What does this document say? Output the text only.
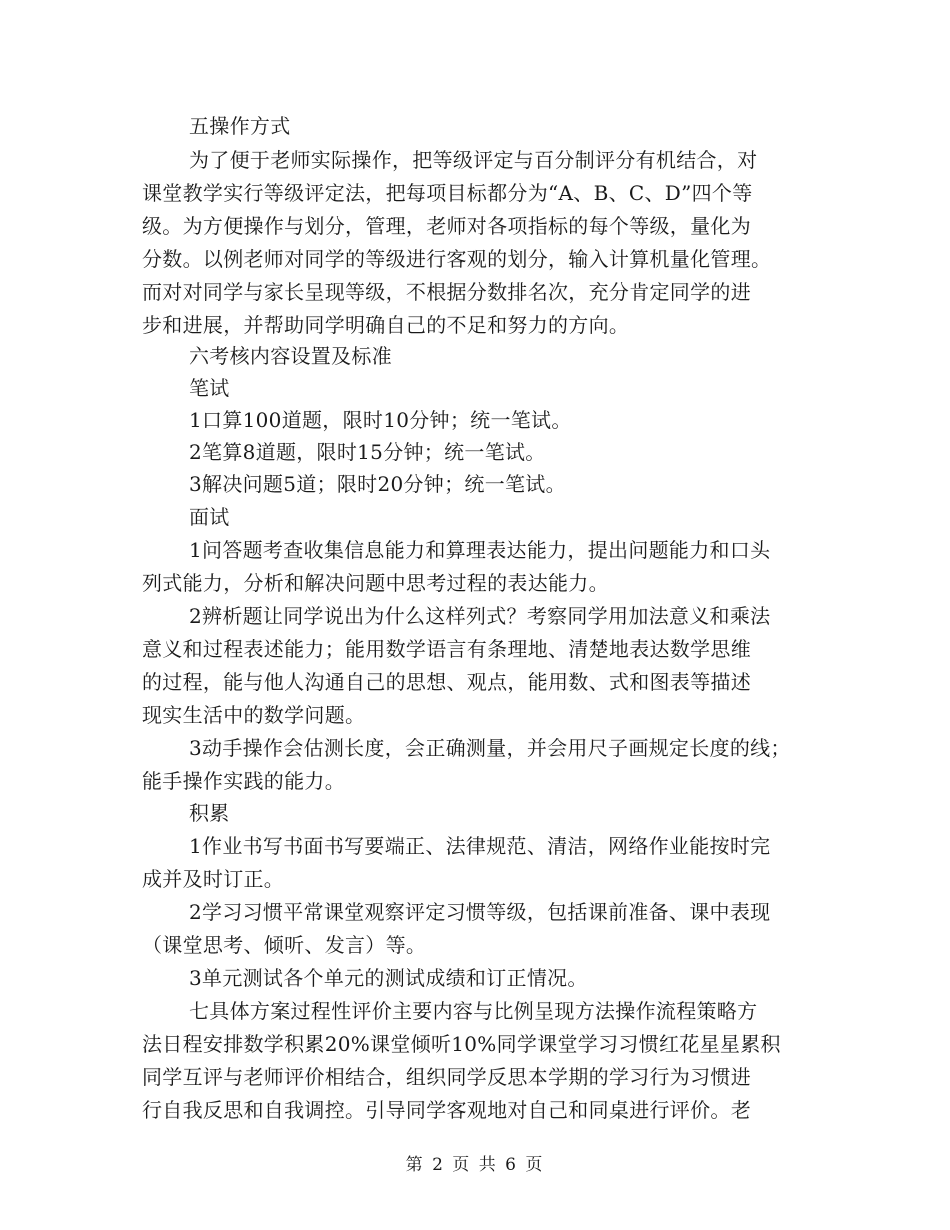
五操作方式
为了便于老师实际操作，把等级评定与百分制评分有机结合，对
课堂教学实行等级评定法，把每项目标都分为“A、B、C、D”四个等
级。为方便操作与划分，管理，老师对各项指标的每个等级，量化为
分数。以例老师对同学的等级进行客观的划分，输入计算机量化管理。
而对对同学与家长呈现等级，不根据分数排名次，充分肯定同学的进
步和进展，并帮助同学明确自己的不足和努力的方向。
六考核内容设置及标准
笔试
1口算100道题，限时10分钟；统一笔试。
2笔算8道题，限时15分钟；统一笔试。
3解决问题5道；限时20分钟；统一笔试。
面试
1问答题考查收集信息能力和算理表达能力，提出问题能力和口头
列式能力，分析和解决问题中思考过程的表达能力。
2辨析题让同学说出为什么这样列式？考察同学用加法意义和乘法
意义和过程表述能力；能用数学语言有条理地、清楚地表达数学思维
的过程，能与他人沟通自己的思想、观点，能用数、式和图表等描述
现实生活中的数学问题。
3动手操作会估测长度，会正确测量，并会用尺子画规定长度的线；
能手操作实践的能力。
积累
1作业书写书面书写要端正、法律规范、清洁，网络作业能按时完
成并及时订正。
2学习习惯平常课堂观察评定习惯等级，包括课前准备、课中表现
（课堂思考、倾听、发言）等。
3单元测试各个单元的测试成绩和订正情况。
七具体方案过程性评价主要内容与比例呈现方法操作流程策略方
法日程安排数学积累20%课堂倾听10%同学课堂学习习惯红花星星累积
同学互评与老师评价相结合，组织同学反思本学期的学习行为习惯进
行自我反思和自我调控。引导同学客观地对自己和同桌进行评价。老
第 2 页 共 6 页
